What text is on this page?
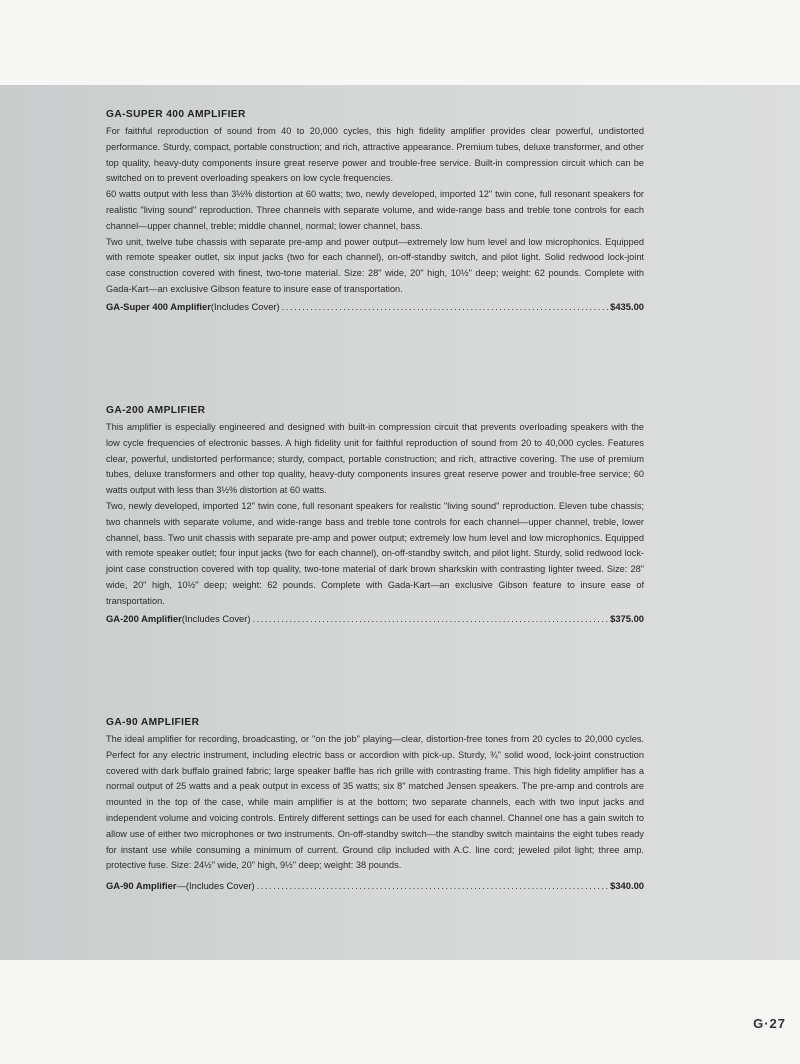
GA-SUPER 400 AMPLIFIER

For faithful reproduction of sound from 40 to 20,000 cycles, this high fidelity amplifier provides clear powerful, undistorted performance. Sturdy, compact, portable construction; and rich, attractive appearance. Premium tubes, deluxe transformer, and other top quality, heavy-duty components insure great reserve power and trouble-free service. Built-in compression circuit which can be switched on to prevent overloading speakers on low cycle frequencies.

60 watts output with less than 3½% distortion at 60 watts; two, newly developed, imported 12" twin cone, full resonant speakers for realistic "living sound" reproduction. Three channels with separate volume, and wide-range bass and treble tone controls for each channel—upper channel, treble; middle channel, normal; lower channel, bass.

Two unit, twelve tube chassis with separate pre-amp and power output—extremely low hum level and low microphonics. Equipped with remote speaker outlet, six input jacks (two for each channel), on-off-standby switch, and pilot light. Solid redwood lock-joint case construction covered with finest, two-tone material. Size: 28" wide, 20" high, 10½" deep; weight: 62 pounds. Complete with Gada-Kart—an exclusive Gibson feature to insure ease of transportation.

GA-Super 400 Amplifier (Includes Cover) .....	$435.00
GA-200 AMPLIFIER

This amplifier is especially engineered and designed with built-in compression circuit that prevents overloading speakers with the low cycle frequencies of electronic basses. A high fidelity unit for faithful reproduction of sound from 20 to 40,000 cycles. Features clear, powerful, undistorted performance; sturdy, compact, portable construction; and rich, attractive covering. The use of premium tubes, deluxe transformers and other top quality, heavy-duty components insures great reserve power and trouble-free service; 60 watts output with less than 3½% distortion at 60 watts.

Two, newly developed, imported 12" twin cone, full resonant speakers for realistic "living sound" reproduction. Eleven tube chassis; two channels with separate volume, and wide-range bass and treble tone controls for each channel—upper channel, treble, lower channel, bass. Two unit chassis with separate pre-amp and power output; extremely low hum level and low microphonics. Equipped with remote speaker outlet; four input jacks (two for each channel), on-off-standby switch, and pilot light. Sturdy, solid redwood lock-joint case construction covered with top quality, two-tone material of dark brown sharkskin with contrasting lighter tweed. Size: 28" wide, 20" high, 10½" deep; weight: 62 pounds. Complete with Gada-Kart—an exclusive Gibson feature to insure ease of transportation.

GA-200 Amplifier (Includes Cover) .....	$375.00
GA-90 AMPLIFIER

The ideal amplifier for recording, broadcasting, or "on the job" playing—clear, distortion-free tones from 20 cycles to 20,000 cycles. Perfect for any electric instrument, including electric bass or accordion with pick-up. Sturdy, ¾" solid wood, lock-joint construction covered with dark buffalo grained fabric; large speaker baffle has rich grille with contrasting frame. This high fidelity amplifier has a normal output of 25 watts and a peak output in excess of 35 watts; six 8" matched Jensen speakers. The pre-amp and controls are mounted in the top of the case, while main amplifier is at the bottom; two separate channels, each with two input jacks and independent volume and voicing controls. Entirely different settings can be used for each channel. Channel one has a gain switch to allow use of either two microphones or two instruments. On-off-standby switch—the standby switch maintains the eight tubes ready for instant use while consuming a minimum of current. Ground clip included with A.C. line cord; jeweled pilot light; three amp. protective fuse. Size: 24½" wide, 20" high, 9½" deep; weight: 38 pounds.

GA-90 Amplifier —(Includes Cover) .....	$340.00
G·27
